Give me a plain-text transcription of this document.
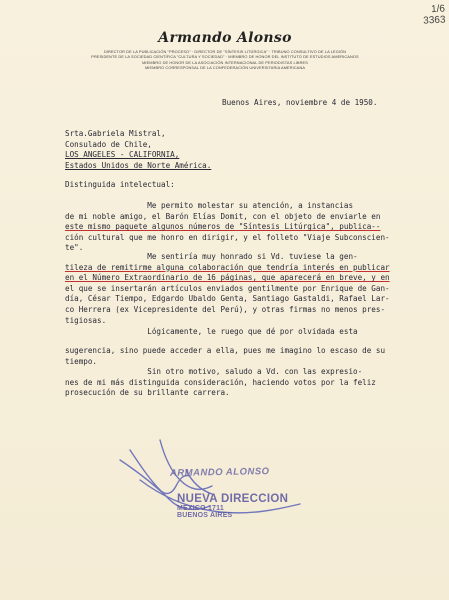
1/6
3363
Armando Alonso
DIRECTOR DE LA PUBLICACIÓN "PROCESO" · DIRECTOR DE "SÍNTESIS LITÚRGICA" · TRIBUNO CONSULTIVO DE LA LEGIÓN
PRESIDENTE DE LA SOCIEDAD CIENTÍFICA "CULTURA Y SOCIEDAD" · MIEMBRO DE HONOR DEL INSTITUTO DE ESTUDIOS AMERICANOS
MIEMBRO DE HONOR DE LA ASOCIACIÓN INTERNACIONAL DE PERIODISTAS LIBRES
MIEMBRO CORRESPONSAL DE LA CONFEDERACIÓN UNIVERSITARIA AMERICANA
Buenos Aires, noviembre 4 de 1950.
Srta.Gabriela Mistral,
Consulado de Chile,
LOS ANGELES - CALIFORNIA,
Estados Unidos de Norte América.
Distinguida intelectual:
Me permito molestar su atención, a instancias
de mi noble amigo, el Barón Elías Domit, con el objeto de enviarle en
este mismo paquete algunos números de "Síntesis Litúrgica", publica--
ción cultural que me honro en dirigir, y el folleto "Viaje Subconscien-
te".
Me sentiría muy honrado si Vd. tuviese la gen-
tileza de remitirme alguna colaboración que tendría interés en publicar
en el Número Extraordinario de 16 páginas, que aparecerá en breve, y en
el que se insertarán artículos enviados gentilmente por Enrique de Gan-
día, César Tiempo, Edgardo Ubaldo Genta, Santiago Gastaldi, Rafael Lar-
co Herrera (ex Vicepresidente del Perú), y otras firmas no menos pres-
tigiosas.
Lógicamente, le ruego que dé por olvidada esta
sugerencia, sino puede acceder a ella, pues me imagino lo escaso de su
tiempo.
Sin otro motivo, saludo a Vd. con las expresio-
nes de mi más distinguida consideración, haciendo votos por la feliz
prosecución de su brillante carrera.
ARMANDO ALONSO
NUEVA DIRECCION
MEXICO 1711
BUENOS AIRES
